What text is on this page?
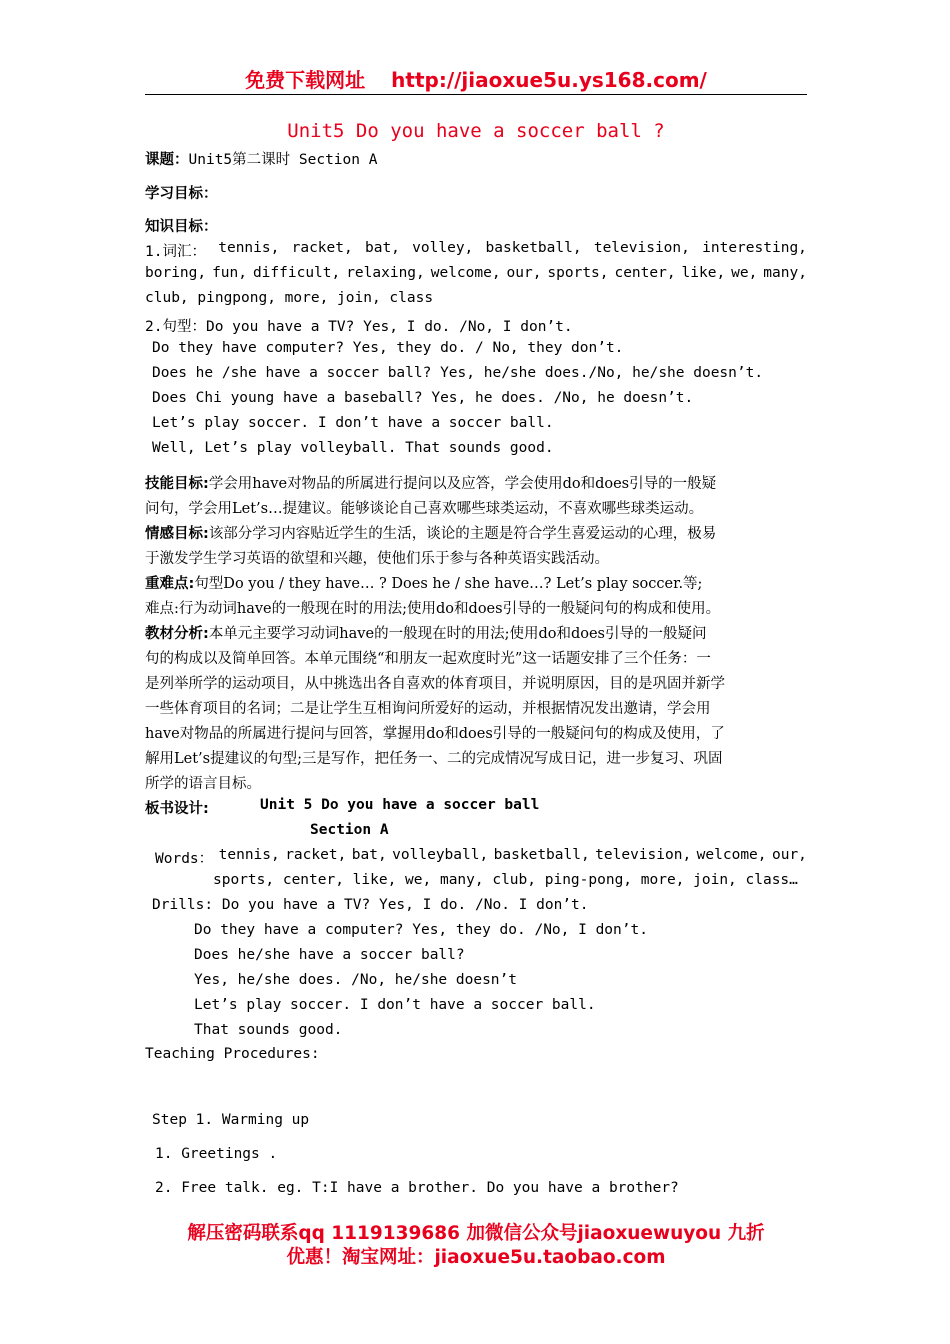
免费下载网址 http://jiaoxue5u.ys168.com/
Unit5 Do you have a soccer ball ?
课题：Unit5第二课时 Section A
学习目标：
知识目标：
1.词汇： tennis, racket, bat, volley, basketball, television, interesting,
boring, fun, difficult, relaxing, welcome, our, sports, center, like, we, many,
club, pingpong, more, join, class
2.句型：Do you have a TV? Yes, I do. /No, I don’t.
Do they have computer? Yes, they do. / No, they don’t.
Does he /she have a soccer ball? Yes, he/she does./No, he/she doesn’t.
Does Chi young have a baseball? Yes, he does. /No, he doesn’t.
Let’s play soccer. I don’t have a soccer ball.
Well, Let’s play volleyball. That sounds good.
技能目标:学会用have对物品的所属进行提问以及应答，学会使用do和does引导的一般疑
问句，学会用Let’s…提建议。能够谈论自己喜欢哪些球类运动，不喜欢哪些球类运动。
情感目标:该部分学习内容贴近学生的生活，谈论的主题是符合学生喜爱运动的心理，极易
于激发学生学习英语的欲望和兴趣，使他们乐于参与各种英语实践活动。
重难点:句型Do you / they have… ? Does he / she have…? Let’s play soccer.等;
难点:行为动词have的一般现在时的用法;使用do和does引导的一般疑问句的构成和使用。
教材分析:本单元主要学习动词have的一般现在时的用法;使用do和does引导的一般疑问
句的构成以及简单回答。本单元围绕“和朋友一起欢度时光”这一话题安排了三个任务：一
是列举所学的运动项目，从中挑选出各自喜欢的体育项目，并说明原因，目的是巩固并新学
一些体育项目的名词；二是让学生互相询问所爱好的运动，并根据情况发出邀请，学会用
have对物品的所属进行提问与回答，掌握用do和does引导的一般疑问句的构成及使用，了
解用Let’s提建议的句型;三是写作，把任务一、二的完成情况写成日记，进一步复习、巩固
所学的语言目标。
板书设计:	Unit 5 Do you have a soccer ball
Section A
Words： tennis, racket, bat, volleyball, basketball, television, welcome, our,
sports, center, like, we, many, club, ping-pong, more, join, class…
Drills: Do you have a TV? Yes, I do. /No. I don’t.
Do they have a computer? Yes, they do. /No, I don’t.
Does he/she have a soccer ball?
Yes, he/she does. /No, he/she doesn’t
Let’s play soccer. I don’t have a soccer ball.
That sounds good.
Teaching Procedures:
Step 1. Warming up
1. Greetings .
2. Free talk. eg. T:I have a brother. Do you have a brother?
解压密码联系qq 1119139686 加微信公众号jiaoxuewuyou 九折
优惠！淘宝网址：jiaoxue5u.taobao.com
